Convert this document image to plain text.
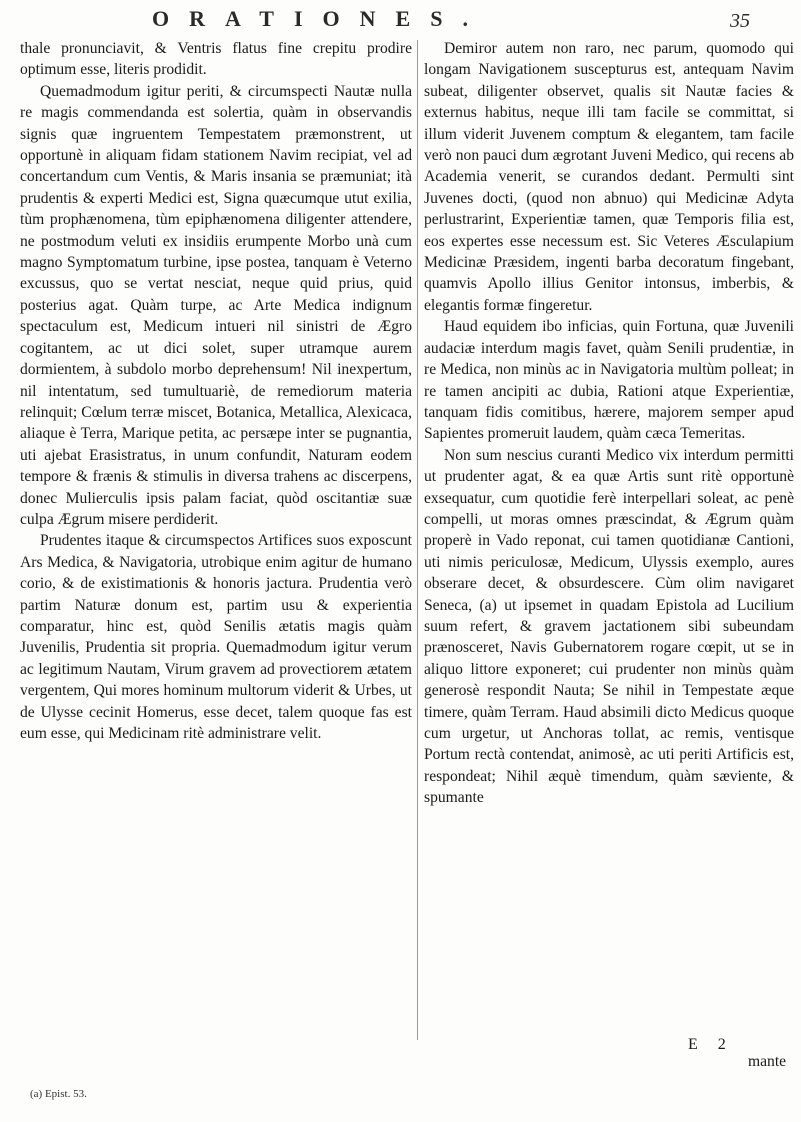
ORATIONES.	35

thale pronunciavit, & Ventris flatus fine crepitu prodire optimum esse, literis prodidit.

Quemadmodum igitur periti, & circumspecti Nautæ nulla re magis commendanda est solertia, quàm in observandis signis quæ ingruentem Tempestatem præmonstrent, ut opportunè in aliquam fidam stationem Navim recipiat, vel ad concertandum cum Ventis, & Maris insania se præmuniat; ità prudentis & experti Medici est, Signa quæcumque utut exilia, tùm prophænomena, tùm epiphænomena diligenter attendere, ne postmodum veluti ex insidiis erumpente Morbo unà cum magno Symptomatum turbine, ipse postea, tanquam è Veterno excussus, quo se vertat nesciat, neque quid prius, quid posterius agat. Quàm turpe, ac Arte Medica indignum spectaculum est, Medicum intueri nil sinistri de Ægro cogitantem, ac ut dici solet, super utramque aurem dormientem, à subdolo morbo deprehensum! Nil inexpertum, nil intentatum, sed tumultuariè, de remediorum materia relinquit; Cœlum terræ miscet, Botanica, Metallica, Alexicaca, aliaque è Terra, Marique petita, ac persæpe inter se pugnantia, uti ajebat Erasistratus, in unum confundit, Naturam eodem tempore & frænis & stimulis in diversa trahens ac discerpens, donec Mulierculis ipsis palam faciat, quòd oscitantiæ suæ culpa Ægrum misere perdiderit.

Prudentes itaque & circumspectos Artifices suos exposcunt Ars Medica, & Navigatoria, utrobique enim agitur de humano corio, & de existimationis & honoris jactura. Prudentia verò partim Naturæ donum est, partim usu & experientia comparatur, hinc est, quòd Senilis ætatis magis quàm Juvenilis, Prudentia sit propria. Quemadmodum igitur verum ac legitimum Nautam, Virum gravem ad provectiorem ætatem vergentem, Qui mores hominum multorum viderit & Urbes, ut de Ulysse cecinit Homerus, esse decet, talem quoque fas est eum esse, qui Medicinam ritè administrare velit.

Demiror autem non raro, nec parum, quomodo qui longam Navigationem suscepturus est, antequam Navim subeat, diligenter observet, qualis sit Nautæ facies & externus habitus, neque illi tam facile se committat, si illum viderit Juvenem comptum & elegantem, tam facile verò non pauci dum ægrotant Juveni Medico, qui recens ab Academia venerit, se curandos dedant. Permulti sint Juvenes docti, (quod non abnuo) qui Medicinæ Adyta perlustrarint, Experientiæ tamen, quæ Temporis filia est, eos expertes esse necessum est. Sic Veteres Æsculapium Medicinæ Præsidem, ingenti barba decoratum fingebant, quamvis Apollo illius Genitor intonsus, imberbis, & elegantis formæ fingeretur.

Haud equidem ibo inficias, quin Fortuna, quæ Juvenili audaciæ interdum magis favet, quàm Senili prudentiæ, in re Medica, non minùs ac in Navigatoria multùm polleat; in re tamen ancipiti ac dubia, Rationi atque Experientiæ, tanquam fidis comitibus, hærere, majorem semper apud Sapientes promeruit laudem, quàm cæca Temeritas.

Non sum nescius curanti Medico vix interdum permitti ut prudenter agat, & ea quæ Artis sunt ritè opportunè exsequatur, cum quotidie ferè interpellari soleat, ac penè compelli, ut moras omnes præscindat, & Ægrum quàm properè in Vado reponat, cui tamen quotidianæ Cantioni, uti nimis periculosæ, Medicum, Ulyssis exemplo, aures obserare decet, & obsurdescere. Cùm olim navigaret Seneca, (a) ut ipsemet in quadam Epistola ad Lucilium suum refert, & gravem jactationem sibi subeundam prænosceret, Navis Gubernatorem rogare cœpit, ut se in aliquo littore exponeret; cui prudenter non minùs quàm generosè respondit Nauta; Se nihil in Tempestate æque timere, quàm Terram. Haud absimili dicto Medicus quoque cum urgetur, ut Anchoras tollat, ac remis, ventisque Portum rectà contendat, animosè, ac uti periti Artificis est, respondeat; Nihil æquè timendum, quàm sæviente, & spumante

E 2
mante
(a) Epist. 53.
